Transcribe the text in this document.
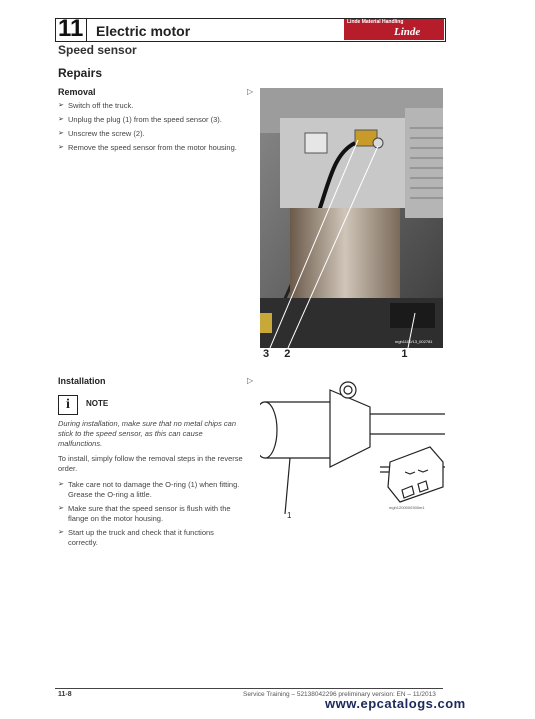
11 Electric motor
Linde Material Handling
Linde
Speed sensor
Repairs
Removal	▷
➢ Switch off the truck.
➢ Unplug the plug (1) from the speed sensor (3).
➢ Unscrew the screw (2).
➢ Remove the speed sensor from the motor housing.
mgh1100/13_002781
3 2	1
Installation	▷
i	NOTE
During installation, make sure that no metal chips can stick to the speed sensor, as this can cause malfunctions.
To install, simply follow the removal steps in the reverse order.
➢ Take care not to damage the O-ring (1) when fitting. Grease the O-ring a little.
➢ Make sure that the speed sensor is flush with the flange on the motor housing.
➢ Start up the truck and check that it functions correctly.
mgh1200000300m1
1
11-8	Service Training – 52138042296 preliminary version: EN – 11/2013
www.epcatalogs.com
